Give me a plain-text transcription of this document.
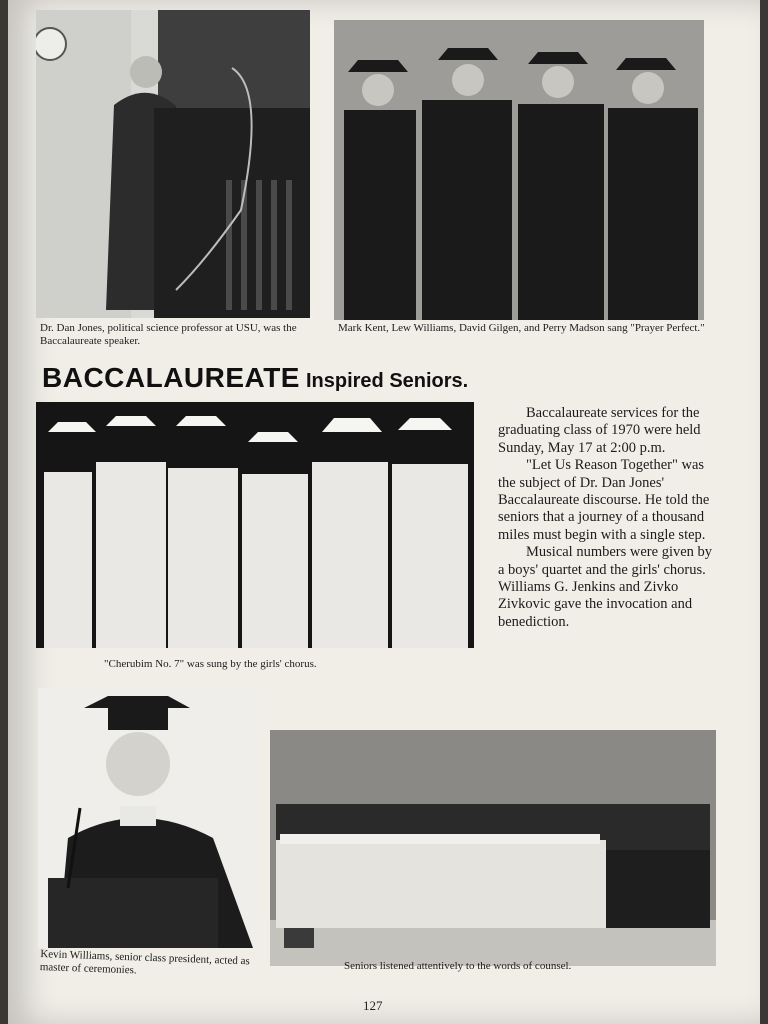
Dr. Dan Jones, political science professor at USU, was the Baccalaureate speaker.
Mark Kent, Lew Williams, David Gilgen, and Perry Madson sang "Prayer Perfect."
BACCALAUREATE Inspired Seniors.
"Cherubim No. 7" was sung by the girls' chorus.

Baccalaureate services for the graduating class of 1970 were held Sunday, May 17 at 2:00 p.m.

"Let Us Reason Together" was the subject of Dr. Dan Jones' Baccalaureate discourse. He told the seniors that a journey of a thousand miles must begin with a single step.

Musical numbers were given by a boys' quartet and the girls' chorus. Williams G. Jenkins and Zivko Zivkovic gave the invocation and benediction.

Kevin Williams, senior class president, acted as master of ceremonies.	Seniors listened attentively to the words of counsel.
127
